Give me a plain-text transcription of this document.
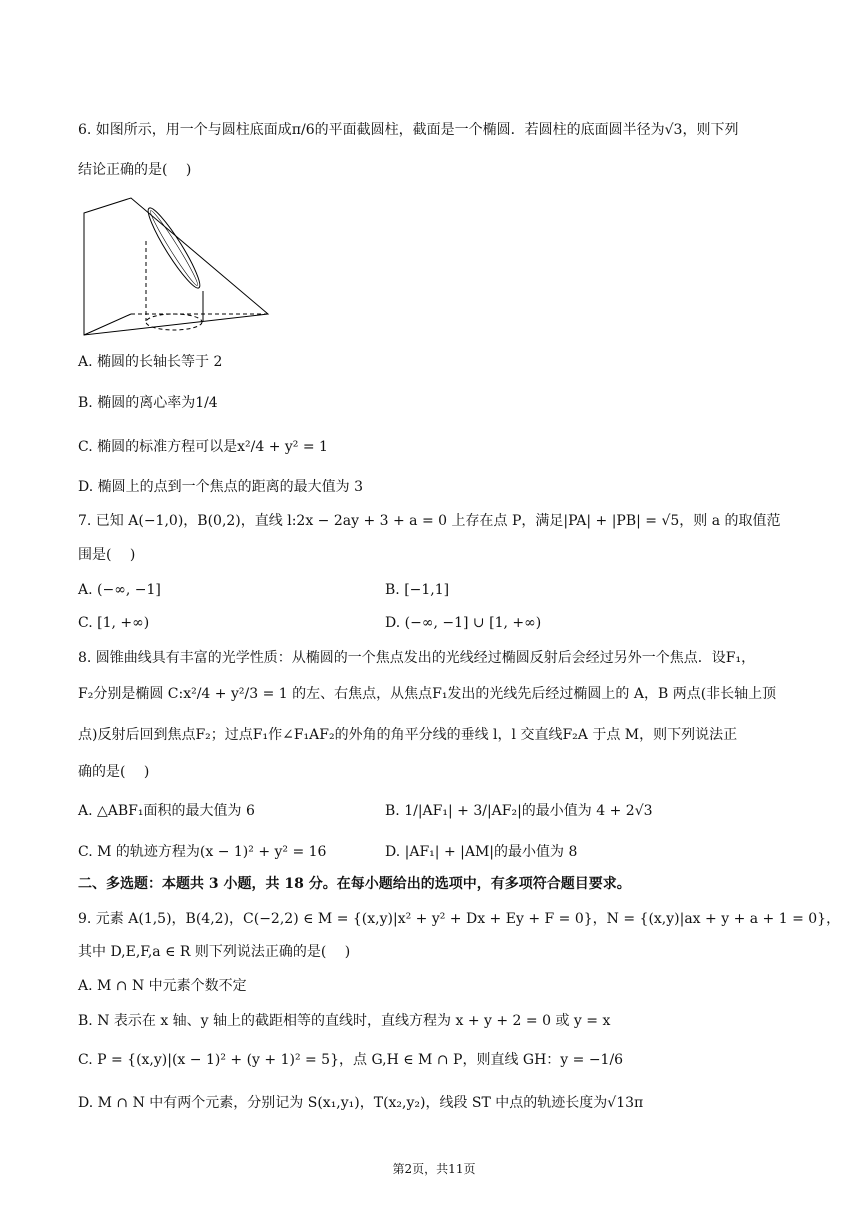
6. 如图所示，用一个与圆柱底面成π/6的平面截圆柱，截面是一个椭圆．若圆柱的底面圆半径为√3，则下列
结论正确的是(　 )
A. 椭圆的长轴长等于 2
B. 椭圆的离心率为1/4
C. 椭圆的标准方程可以是x²/4 + y² = 1
D. 椭圆上的点到一个焦点的距离的最大值为 3
7. 已知 A(−1,0)，B(0,2)，直线 l:2x − 2ay + 3 + a = 0 上存在点 P，满足|PA| + |PB| = √5，则 a 的取值范
围是(　 )
A. (−∞, −1]	B. [−1,1]
C. [1, +∞)	D. (−∞, −1] ∪ [1, +∞)
8. 圆锥曲线具有丰富的光学性质：从椭圆的一个焦点发出的光线经过椭圆反射后会经过另外一个焦点．设F₁，
F₂分别是椭圆 C:x²/4 + y²/3 = 1 的左、右焦点，从焦点F₁发出的光线先后经过椭圆上的 A，B 两点(非长轴上顶
点)反射后回到焦点F₂；过点F₁作∠F₁AF₂的外角的角平分线的垂线 l，l 交直线F₂A 于点 M，则下列说法正
确的是(　 )
A. △ABF₁面积的最大值为 6	B. 1/|AF₁| + 3/|AF₂|的最小值为 4 + 2√3
C. M 的轨迹方程为(x − 1)² + y² = 16	D. |AF₁| + |AM|的最小值为 8
二、多选题：本题共 3 小题，共 18 分。在每小题给出的选项中，有多项符合题目要求。
9. 元素 A(1,5)，B(4,2)，C(−2,2) ∈ M = {(x,y)|x² + y² + Dx + Ey + F = 0}，N = {(x,y)|ax + y + a + 1 = 0}，
其中 D,E,F,a ∈ R 则下列说法正确的是(　 )
A. M ∩ N 中元素个数不定
B. N 表示在 x 轴、y 轴上的截距相等的直线时，直线方程为 x + y + 2 = 0 或 y = x
C. P = {(x,y)|(x − 1)² + (y + 1)² = 5}，点 G,H ∈ M ∩ P，则直线 GH：y = −1/6
D. M ∩ N 中有两个元素，分别记为 S(x₁,y₁)，T(x₂,y₂)，线段 ST 中点的轨迹长度为√13π
第2页，共11页
